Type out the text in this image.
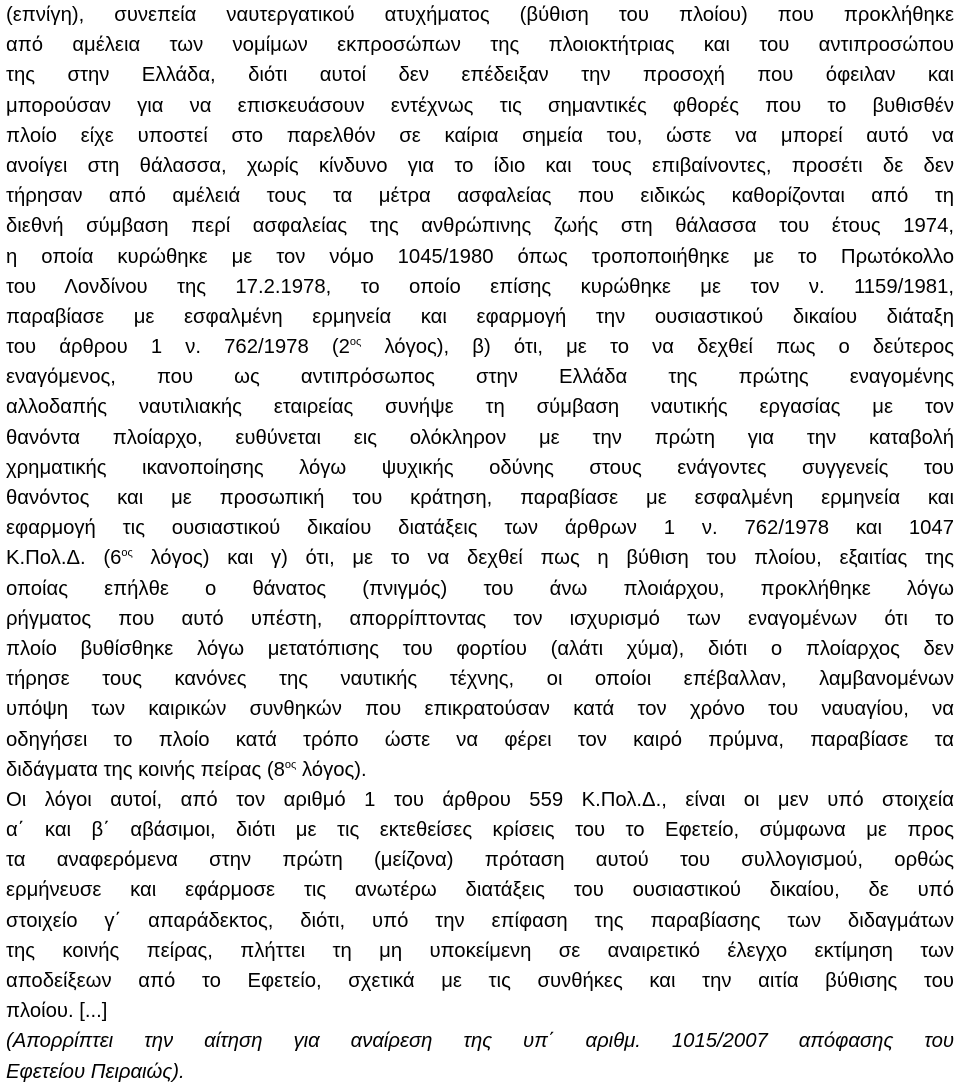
(επνίγη), συνεπεία ναυτεργατικού ατυχήματος (βύθιση του πλοίου) που προκλήθηκε
από αμέλεια των νομίμων εκπροσώπων της πλοιοκτήτριας και του αντιπροσώπου
της στην Ελλάδα, διότι αυτοί δεν επέδειξαν την προσοχή που όφειλαν και
μπορούσαν για να επισκευάσουν εντέχνως τις σημαντικές φθορές που το βυθισθέν
πλοίο είχε υποστεί στο παρελθόν σε καίρια σημεία του, ώστε να μπορεί αυτό να
ανοίγει στη θάλασσα, χωρίς κίνδυνο για το ίδιο και τους επιβαίνοντες, προσέτι δε δεν
τήρησαν από αμέλειά τους τα μέτρα ασφαλείας που ειδικώς καθορίζονται από τη
διεθνή σύμβαση περί ασφαλείας της ανθρώπινης ζωής στη θάλασσα του έτους 1974,
η οποία κυρώθηκε με τον νόμο 1045/1980 όπως τροποποιήθηκε με το Πρωτόκολλο
του Λονδίνου της 17.2.1978, το οποίο επίσης κυρώθηκε με τον ν. 1159/1981,
παραβίασε με εσφαλμένη ερμηνεία και εφαρμογή την ουσιαστικού δικαίου διάταξη
του άρθρου 1 ν. 762/1978 ($2^{o\varsigma}$ λόγος), β) ότι, με το να δεχθεί πως ο δεύτερος
εναγόμενος, που ως αντιπρόσωπος στην Ελλάδα της πρώτης εναγομένης
αλλοδαπής ναυτιλιακής εταιρείας συνήψε τη σύμβαση ναυτικής εργασίας με τον
θανόντα πλοίαρχο, ευθύνεται εις ολόκληρον με την πρώτη για την καταβολή
χρηματικής ικανοποίησης λόγω ψυχικής οδύνης στους ενάγοντες συγγενείς του
θανόντος και με προσωπική του κράτηση, παραβίασε με εσφαλμένη ερμηνεία και
εφαρμογή τις ουσιαστικού δικαίου διατάξεις των άρθρων 1 ν. 762/1978 και 1047
Κ.Πολ.Δ. ($6^{o\varsigma}$ λόγος) και γ) ότι, με το να δεχθεί πως η βύθιση του πλοίου, εξαιτίας της
οποίας επήλθε ο θάνατος (πνιγμός) του άνω πλοιάρχου, προκλήθηκε λόγω
ρήγματος που αυτό υπέστη, απορρίπτοντας τον ισχυρισμό των εναγομένων ότι το
πλοίο βυθίσθηκε λόγω μετατόπισης του φορτίου (αλάτι χύμα), διότι ο πλοίαρχος δεν
τήρησε τους κανόνες της ναυτικής τέχνης, οι οποίοι επέβαλλαν, λαμβανομένων
υπόψη των καιρικών συνθηκών που επικρατούσαν κατά τον χρόνο του ναυαγίου, να
οδηγήσει το πλοίο κατά τρόπο ώστε να φέρει τον καιρό πρύμνα, παραβίασε τα
διδάγματα της κοινής πείρας ($8^{o\varsigma}$ λόγος).
Οι λόγοι αυτοί, από τον αριθμό 1 του άρθρου 559 Κ.Πολ.Δ., είναι οι μεν υπό στοιχεία
α΄ και β΄ αβάσιμοι, διότι με τις εκτεθείσες κρίσεις του το Εφετείο, σύμφωνα με προς
τα αναφερόμενα στην πρώτη (μείζονα) πρόταση αυτού του συλλογισμού, ορθώς
ερμήνευσε και εφάρμοσε τις ανωτέρω διατάξεις του ουσιαστικού δικαίου, δε υπό
στοιχείο γ΄ απαράδεκτος, διότι, υπό την επίφαση της παραβίασης των διδαγμάτων
της κοινής πείρας, πλήττει τη μη υποκείμενη σε αναιρετικό έλεγχο εκτίμηση των
αποδείξεων από το Εφετείο, σχετικά με τις συνθήκες και την αιτία βύθισης του
πλοίου. [...]
(Απορρίπτει την αίτηση για αναίρεση της υπ΄ αριθμ. 1015/2007 απόφασης του
Εφετείου Πειραιώς).
